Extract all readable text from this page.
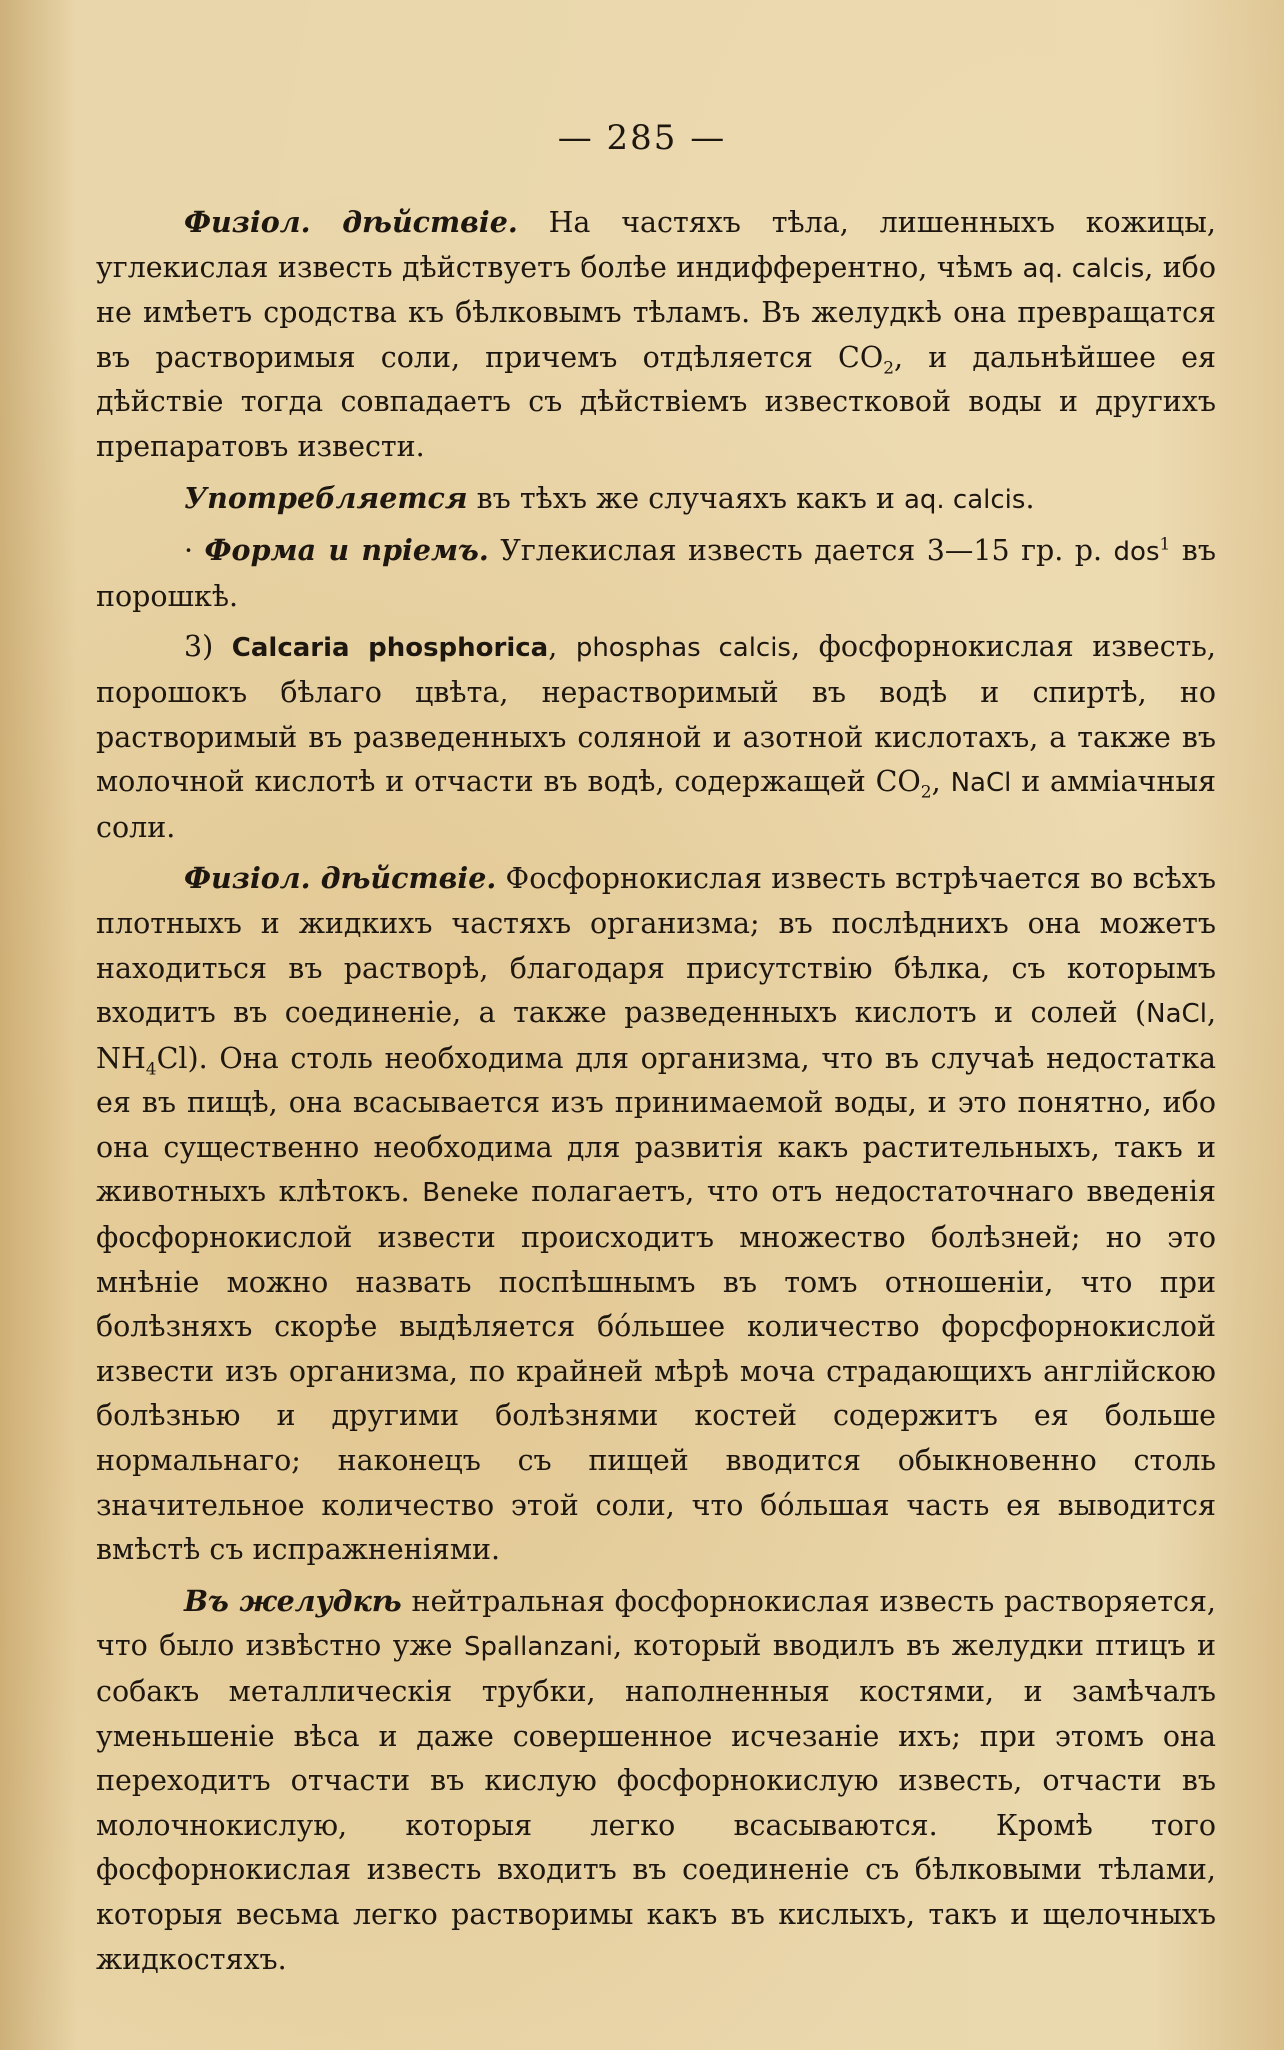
— 285 —

Физiол. дѣйствiе. На частяхъ тѣла, лишенныхъ кожицы, углекислая известь дѣйствуетъ болѣе индифферентно, чѣмъ aq. calcis, ибо не имѣетъ сродства къ бѣлковымъ тѣламъ. Въ желудкѣ она превращатся въ растворимыя соли, причемъ отдѣляется $CO_2$, и дальнѣйшее ея дѣйствiе тогда совпадаетъ съ дѣйствiемъ известковой воды и другихъ препаратовъ извести.

Употребляется въ тѣхъ же случаяхъ какъ и aq. calcis.

· Форма и прiемъ. Углекислая известь дается 3—15 гр. p. dos$^1$ въ порошкѣ.

3) Calcaria phosphorica, phosphas calcis, фосфорнокислая известь, порошокъ бѣлаго цвѣта, нерастворимый въ водѣ и спиртѣ, но растворимый въ разведенныхъ соляной и азотной кислотахъ, а также въ молочной кислотѣ и отчасти въ водѣ, содержащей $CO_2$, NaCl и амміачныя соли.

Физiол. дѣйствiе. Фосфорнокислая известь встрѣчается во всѣхъ плотныхъ и жидкихъ частяхъ организма; въ послѣднихъ она можетъ находиться въ растворѣ, благодаря присутствiю бѣлка, съ которымъ входитъ въ соединенiе, а также разведенныхъ кислотъ и солей (NaCl, $NH_4Cl$). Она столь необходима для организма, что въ случаѣ недостатка ея въ пищѣ, она всасывается изъ принимаемой воды, и это понятно, ибо она существенно необходима для развитiя какъ растительныхъ, такъ и животныхъ клѣтокъ. Beneke полагаетъ, что отъ недостаточнаго введенiя фосфорнокислой извести происходитъ множество болѣзней; но это мнѣнiе можно назвать поспѣшнымъ въ томъ отношенiи, что при болѣзняхъ скорѣе выдѣляется бóльшее количество форсфорнокислой извести изъ организма, по крайней мѣрѣ моча страдающихъ англiйскою болѣзнью и другими болѣзнями костей содержитъ ея больше нормальнаго; наконецъ съ пищей вводится обыкновенно столь значительное количество этой соли, что бóльшая часть ея выводится вмѣстѣ съ испражненiями.

Въ желудкѣ нейтральная фосфорнокислая известь растворяется, что было извѣстно уже Spallanzani, который вводилъ въ желудки птицъ и собакъ металлическiя трубки, наполненныя костями, и замѣчалъ уменьшенiе вѣса и даже совершенное исчезанiе ихъ; при этомъ она переходитъ отчасти въ кислую фосфорнокислую известь, отчасти въ молочнокислую, которыя легко всасываются. Кромѣ того фосфорнокислая известь входитъ въ соединенiе съ бѣлковыми тѣлами, которыя весьма легко растворимы какъ въ кислыхъ, такъ и щелочныхъ жидкостяхъ.
